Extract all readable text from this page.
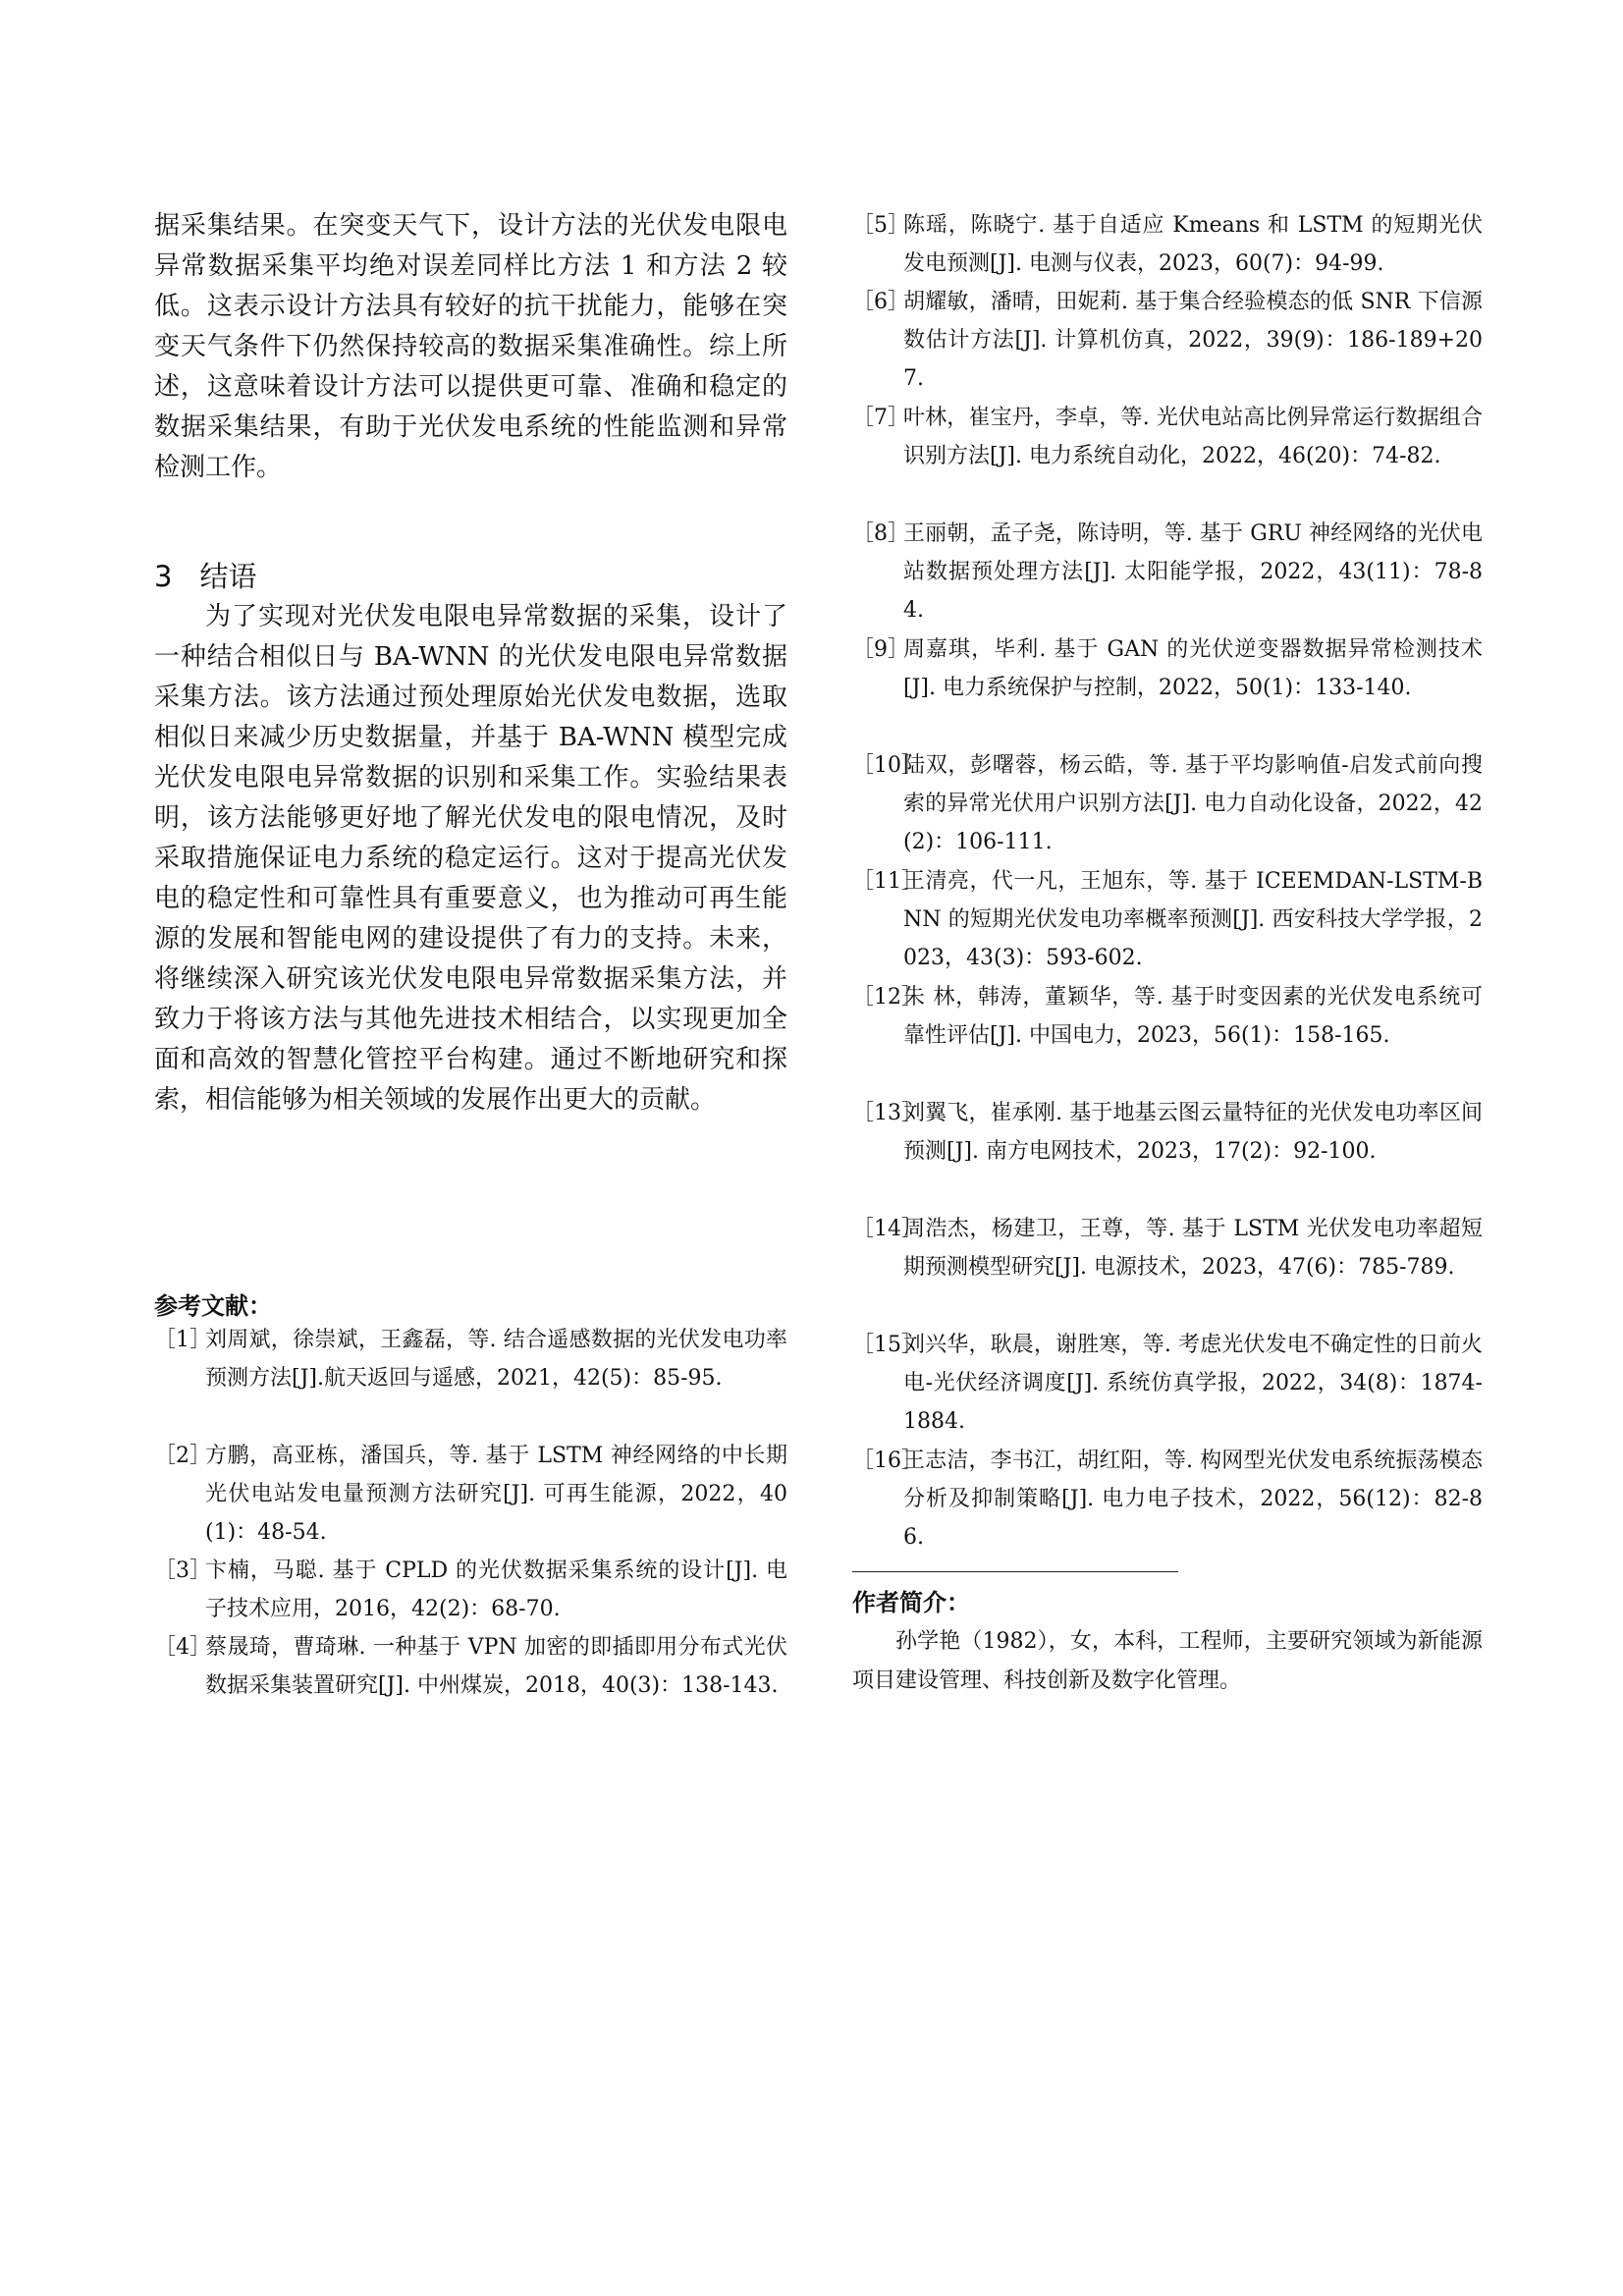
据采集结果。在突变天气下，设计方法的光伏发电限电异常数据采集平均绝对误差同样比方法 1 和方法 2 较低。这表示设计方法具有较好的抗干扰能力，能够在突变天气条件下仍然保持较高的数据采集准确性。综上所述，这意味着设计方法可以提供更可靠、准确和稳定的数据采集结果，有助于光伏发电系统的性能监测和异常检测工作。

3 结语

为了实现对光伏发电限电异常数据的采集，设计了一种结合相似日与 BA-WNN 的光伏发电限电异常数据采集方法。该方法通过预处理原始光伏发电数据，选取相似日来减少历史数据量，并基于 BA-WNN 模型完成光伏发电限电异常数据的识别和采集工作。实验结果表明，该方法能够更好地了解光伏发电的限电情况，及时采取措施保证电力系统的稳定运行。这对于提高光伏发电的稳定性和可靠性具有重要意义，也为推动可再生能源的发展和智能电网的建设提供了有力的支持。未来，将继续深入研究该光伏发电限电异常数据采集方法，并致力于将该方法与其他先进技术相结合，以实现更加全面和高效的智慧化管控平台构建。通过不断地研究和探索，相信能够为相关领域的发展作出更大的贡献。

参考文献：
［1］
刘周斌，徐崇斌，王鑫磊，等. 结合遥感数据的光伏发电功率预测方法[J].航天返回与遥感，2021，42(5)：85-95.
［2］
方鹏，高亚栋，潘国兵，等. 基于 LSTM 神经网络的中长期光伏电站发电量预测方法研究[J]. 可再生能源，2022，40(1)：48-54.
［3］
卞楠，马聪. 基于 CPLD 的光伏数据采集系统的设计[J]. 电子技术应用，2016，42(2)：68-70.
［4］
蔡晟琦，曹琦琳. 一种基于 VPN 加密的即插即用分布式光伏数据采集装置研究[J]. 中州煤炭，2018，40(3)：138-143.
［5］
陈瑶，陈晓宁. 基于自适应 Kmeans 和 LSTM 的短期光伏发电预测[J]. 电测与仪表，2023，60(7)：94-99.
［6］
胡耀敏，潘晴，田妮莉. 基于集合经验模态的低 SNR 下信源数估计方法[J]. 计算机仿真，2022，39(9)：186-189+207.
［7］
叶林，崔宝丹，李卓，等. 光伏电站高比例异常运行数据组合识别方法[J]. 电力系统自动化，2022，46(20)：74-82.
［8］
王丽朝，孟子尧，陈诗明，等. 基于 GRU 神经网络的光伏电站数据预处理方法[J]. 太阳能学报，2022，43(11)：78-84.
［9］
周嘉琪，毕利. 基于 GAN 的光伏逆变器数据异常检测技术[J]. 电力系统保护与控制，2022，50(1)：133-140.
［10］
陆双，彭曙蓉，杨云皓，等. 基于平均影响值-启发式前向搜索的异常光伏用户识别方法[J]. 电力自动化设备，2022，42(2)：106-111.
［11］
王清亮，代一凡，王旭东，等. 基于 ICEEMDAN-LSTM-BNN 的短期光伏发电功率概率预测[J]. 西安科技大学学报，2023，43(3)：593-602.
［12］
朱 林，韩涛，董颖华，等. 基于时变因素的光伏发电系统可靠性评估[J]. 中国电力，2023，56(1)：158-165.
［13］
刘翼飞，崔承刚. 基于地基云图云量特征的光伏发电功率区间预测[J]. 南方电网技术，2023，17(2)：92-100.
［14］
周浩杰，杨建卫，王尊，等. 基于 LSTM 光伏发电功率超短期预测模型研究[J]. 电源技术，2023，47(6)：785-789.
［15］
刘兴华，耿晨，谢胜寒，等. 考虑光伏发电不确定性的日前火电-光伏经济调度[J]. 系统仿真学报，2022，34(8)：1874-1884.
［16］
王志洁，李书江，胡红阳，等. 构网型光伏发电系统振荡模态分析及抑制策略[J]. 电力电子技术，2022，56(12)：82-86.
作者简介：

孙学艳（1982），女，本科，工程师，主要研究领域为新能源项目建设管理、科技创新及数字化管理。
